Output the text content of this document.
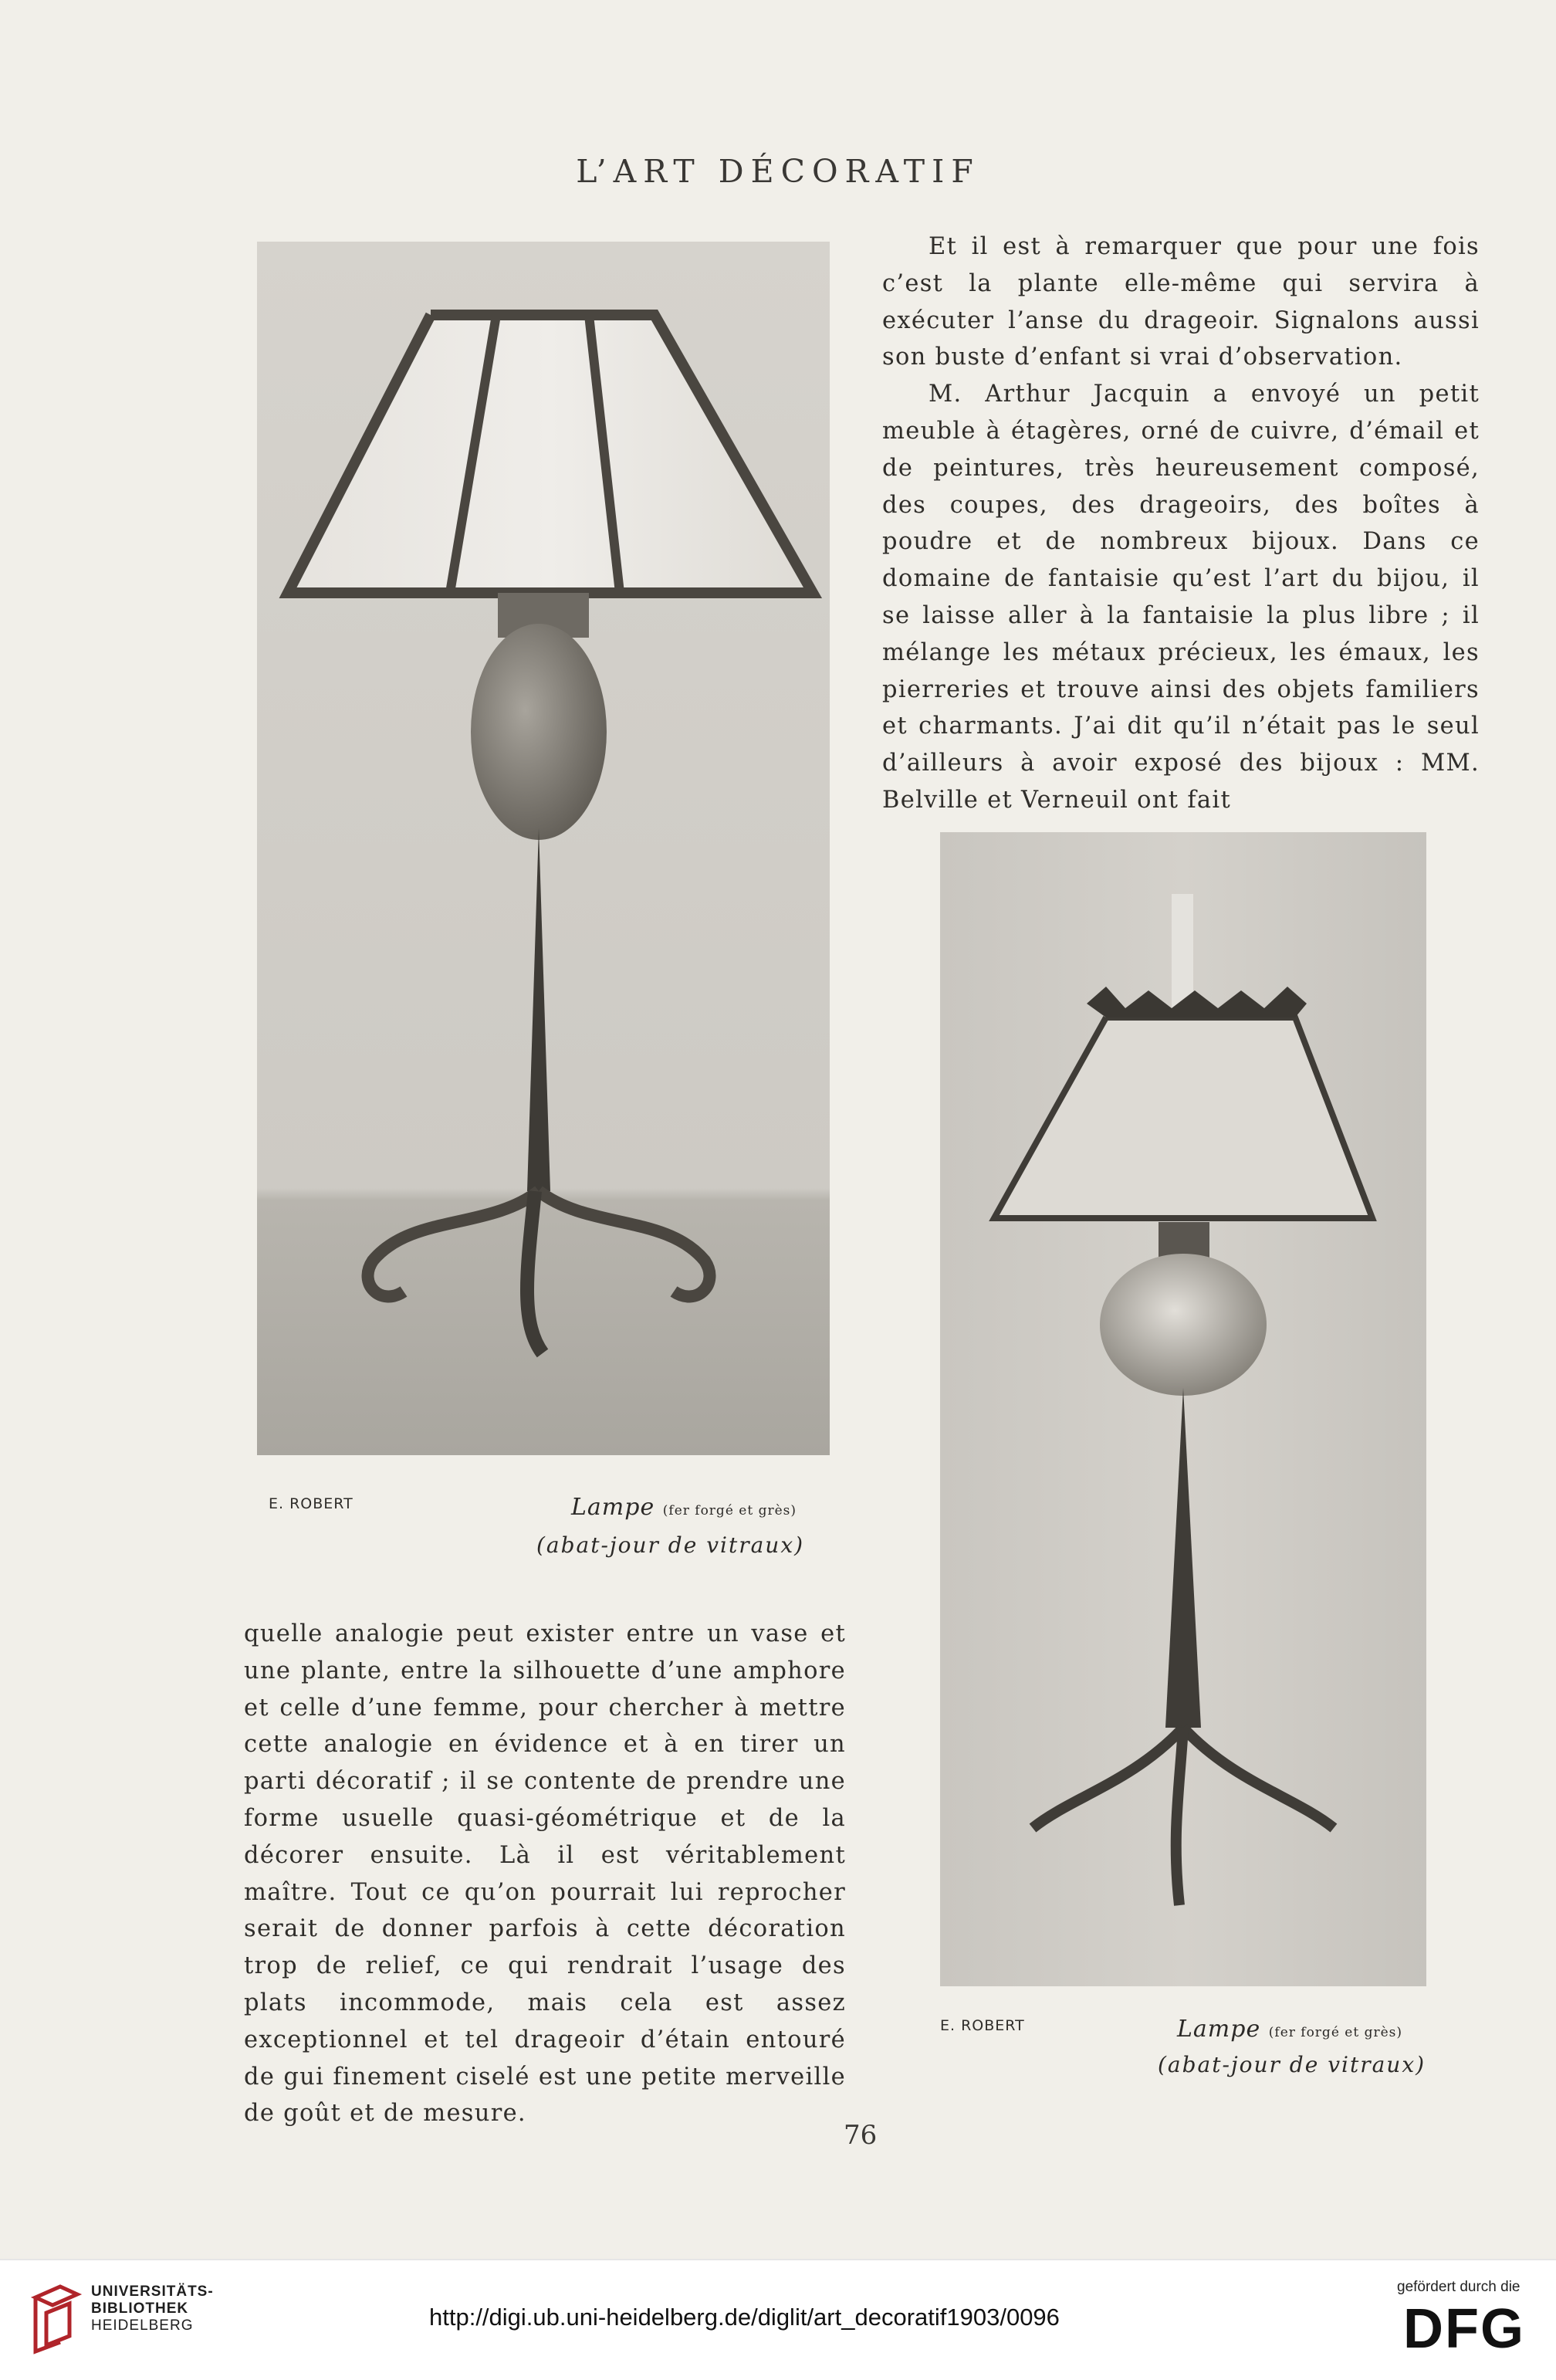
L’ART DÉCORATIF
E. ROBERT	Lampe (fer forgé et grès)
(abat-jour de vitraux)

Et il est à remarquer que pour une fois c’est la plante elle-même qui servira à exécuter l’anse du drageoir. Signalons aussi son buste d’enfant si vrai d’observation.

M. Arthur Jacquin a envoyé un petit meuble à étagères, orné de cuivre, d’émail et de peintures, très heureusement composé, des coupes, des drageoirs, des boîtes à poudre et de nombreux bijoux. Dans ce domaine de fantaisie qu’est l’art du bijou, il se laisse aller à la fantaisie la plus libre ; il mélange les métaux précieux, les émaux, les pierreries et trouve ainsi des objets familiers et charmants. J’ai dit qu’il n’était pas le seul d’ailleurs à avoir exposé des bijoux : MM. Belville et Verneuil ont fait

quelle analogie peut exister entre un vase et une plante, entre la silhouette d’une amphore et celle d’une femme, pour chercher à mettre cette analogie en évidence et à en tirer un parti décoratif ; il se contente de prendre une forme usuelle quasi-géométrique et de la décorer ensuite. Là il est véritablement maître. Tout ce qu’on pourrait lui reprocher serait de donner parfois à cette décoration trop de relief, ce qui rendrait l’usage des plats incommode, mais cela est assez exceptionnel et tel drageoir d’étain entouré de gui finement ciselé est une petite merveille de goût et de mesure.

E. ROBERT	Lampe (fer forgé et grès)
(abat-jour de vitraux)
76
UNIVERSITÄTS-
BIBLIOTHEK
HEIDELBERG	http://digi.ub.uni-heidelberg.de/diglit/art_decoratif1903/0096
gefördert durch die
DFG
